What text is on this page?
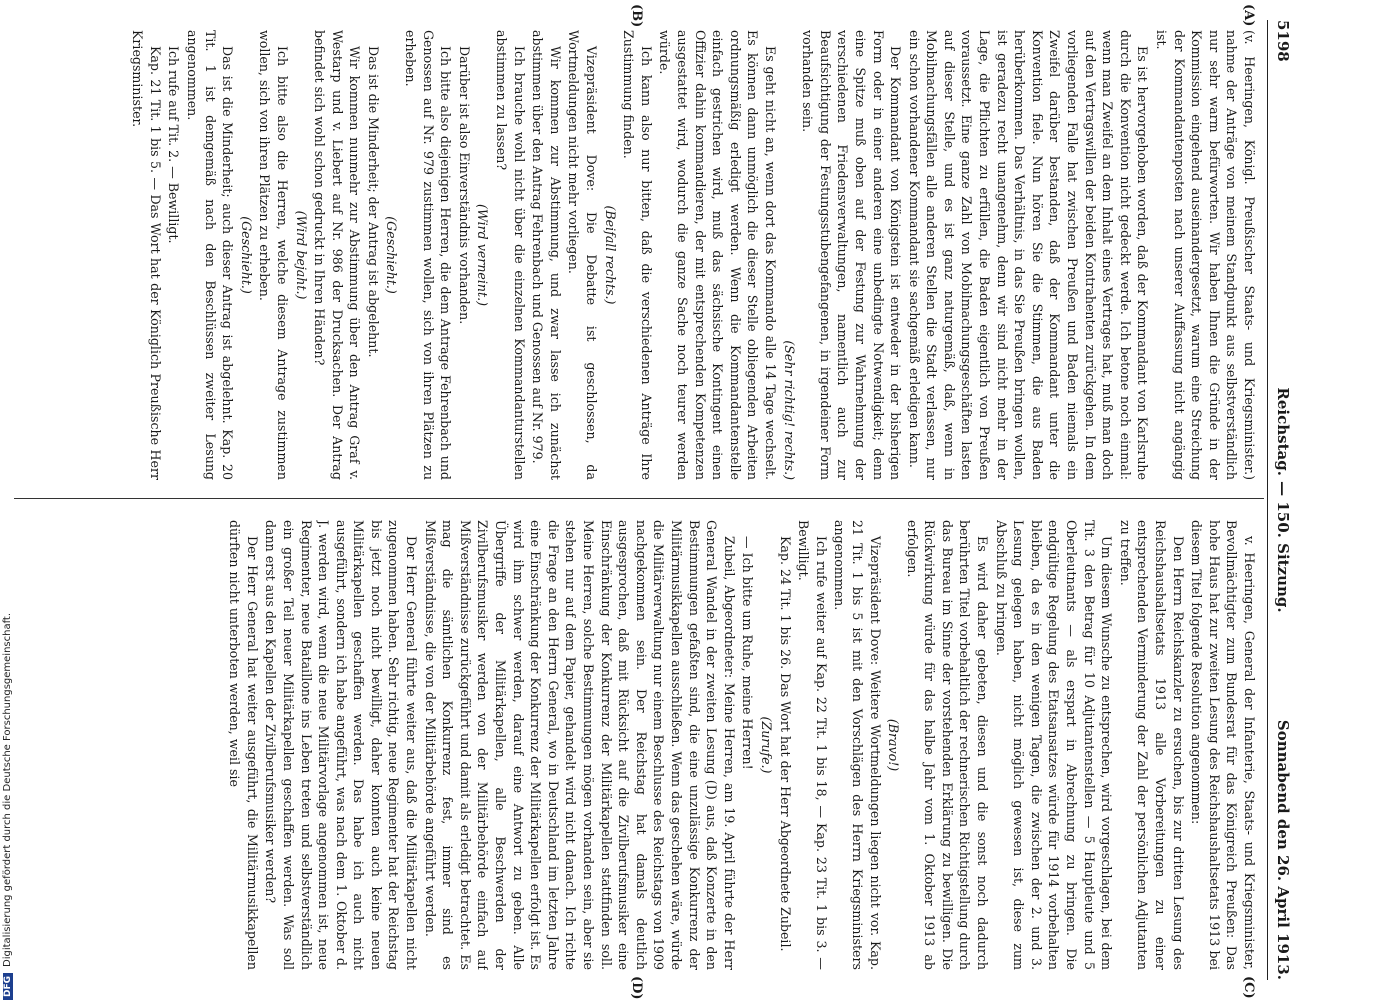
5198
Reichstag. — 150. Sitzung.
Sonnabend den 26. April 1913.
(A)
(B)
(C)
(D)

(v. Heeringen, Königl. Preußischer Staats- und Kriegsminister.) nahme der Anträge von meinem Standpunkt aus selbstverständlich nur sehr warm befürworten. Wir haben Ihnen die Gründe in der Kommission eingehend auseinandergesetzt, warum eine Streichung der Kommandantenposten nach unserer Auffassung nicht angängig ist.

Es ist hervorgehoben worden, daß der Kommandant von Karlsruhe durch die Konvention nicht gedeckt werde. Ich betone noch einmal: wenn man Zweifel an dem Inhalt eines Vertrages hat, muß man doch auf den Vertragswillen der beiden Kontrahenten zurückgehen. In dem vorliegenden Falle hat zwischen Preußen und Baden niemals ein Zweifel darüber bestanden, daß der Kommandant unter die Konvention fiele. Nun hören Sie die Stimmen, die aus Baden herüberkommen. Das Verhältnis, in das Sie Preußen bringen wollen, ist geradezu recht unangenehm, denn wir sind nicht mehr in der Lage, die Pflichten zu erfüllen, die Baden eigentlich von Preußen voraussetzt. Eine ganze Zahl von Mobilmachungsgeschäften lasten auf dieser Stelle, und es ist ganz naturgemäß, daß, wenn in Mobilmachungsfällen alle anderen Stellen die Stadt verlassen, nur ein schon vorhandener Kommandant sie sachgemäß erledigen kann.

Der Kommandant von Königstein ist entweder in der bisherigen Form oder in einer anderen eine unbedingte Notwendigkeit; denn eine Spitze muß oben auf der Festung zur Wahrnehmung der verschiedenen Friedensverwaltungen, namentlich auch zur Beaufsichtigung der Festungsstubengefangenen, in irgendeiner Form vorhanden sein.

(Sehr richtig! rechts.)

Es geht nicht an, wenn dort das Kommando alle 14 Tage wechselt. Es können dann unmöglich die dieser Stelle obliegenden Arbeiten ordnungsmäßig erledigt werden. Wenn die Kommandantenstelle einfach gestrichen wird, muß das sächsische Kontingent einen Offizier dahin kommandieren, der mit entsprechenden Kompetenzen ausgestattet wird, wodurch die ganze Sache noch teurer werden würde.

Ich kann also nur bitten, daß die verschiedenen Anträge Ihre Zustimmung finden.

(Beifall rechts.)

Vizepräsident Dove: Die Debatte ist geschlossen, da Wortmeldungen nicht mehr vorliegen.

Wir kommen zur Abstimmung, und zwar lasse ich zunächst abstimmen über den Antrag Fehrenbach und Genossen auf Nr. 979.

Ich brauche wohl nicht über die einzelnen Kommandanturstellen abstimmen zu lassen?

(Wird verneint.)

Darüber ist also Einverständnis vorhanden.

Ich bitte also diejenigen Herren, die dem Antrage Fehrenbach und Genossen auf Nr. 979 zustimmen wollen, sich von ihren Plätzen zu erheben.

(Geschieht.)

Das ist die Minderheit; der Antrag ist abgelehnt.

Wir kommen nunmehr zur Abstimmung über den Antrag Graf v. Westarp und v. Liebert auf Nr. 986 der Drucksachen. Der Antrag befindet sich wohl schon gedruckt in Ihren Händen?

(Wird bejaht.)

Ich bitte also die Herren, welche diesem Antrage zustimmen wollen, sich von ihren Plätzen zu erheben.

(Geschieht.)

Das ist die Minderheit; auch dieser Antrag ist abgelehnt. Kap. 20 Tit. 1 ist demgemäß nach den Beschlüssen zweiter Lesung angenommen.

Ich rufe auf Tit. 2. — Bewilligt.

Kap. 21 Tit. 1 bis 5. — Das Wort hat der Königlich Preußische Herr Kriegsminister.

v. Heeringen, General der Infanterie, Staats- und Kriegsminister, Bevollmächtigter zum Bundesrat für das Königreich Preußen: Das hohe Haus hat zur zweiten Lesung des Reichshaushaltsetats 1913 bei diesem Titel folgende Resolution angenommen:

Den Herrn Reichskanzler zu ersuchen, bis zur dritten Lesung des Reichshaushaltsetats 1913 alle Vorbereitungen zu einer entsprechenden Verminderung der Zahl der persönlichen Adjutanten zu treffen.

Um diesem Wunsche zu entsprechen, wird vorgeschlagen, bei dem Tit. 3 den Betrag für 10 Adjutantenstellen — 5 Hauptleute und 5 Oberleutnants — als erspart in Abrechnung zu bringen. Die endgültige Regelung des Etatsansatzes würde für 1914 vorbehalten bleiben, da es in den wenigen Tagen, die zwischen der 2. und 3. Lesung gelegen haben, nicht möglich gewesen ist, diese zum Abschluß zu bringen.

Es wird daher gebeten, diesen und die sonst noch dadurch berührten Titel vorbehaltlich der rechnerischen Richtigstellung durch das Bureau im Sinne der vorstehenden Erklärung zu bewilligen. Die Rückwirkung würde für das halbe Jahr vom 1. Oktober 1913 ab erfolgen.

(Bravo!)

Vizepräsident Dove: Weitere Wortmeldungen liegen nicht vor. Kap. 21 Tit. 1 bis 5 ist mit den Vorschlägen des Herrn Kriegsministers angenommen.

Ich rufe weiter auf Kap. 22 Tit. 1 bis 18, — Kap. 23 Tit. 1 bis 3. — Bewilligt.

Kap. 24 Tit. 1 bis 26. Das Wort hat der Herr Abgeordnete Zubeil.

(Zurufe.)

— Ich bitte um Ruhe, meine Herren!

Zubeil, Abgeordneter: Meine Herren, am 19. April führte der Herr General Wandel in der zweiten Lesung (D) aus, daß Konzerte in den Bestimmungen gefaßten sind, die eine unzulässige Konkurrenz der Militärmusikkapellen ausschließen. Wenn das geschehen wäre, würde die Militärverwaltung nur einem Beschlusse des Reichstags von 1909 nachgekommen sein. Der Reichstag hat damals deutlich ausgesprochen, daß mit Rücksicht auf die Zivilberufsmusiker eine Einschränkung der Konkurrenz der Militärkapellen stattfinden soll. Meine Herren, solche Bestimmungen mögen vorhanden sein, aber sie stehen nur auf dem Papier, gehandelt wird nicht danach. Ich richte die Frage an den Herrn General, wo in Deutschland im letzten Jahre eine Einschränkung der Konkurrenz der Militärkapellen erfolgt ist. Es wird ihm schwer werden, darauf eine Antwort zu geben. Alle Übergriffe der Militärkapellen, alle Beschwerden der Zivilberufsmusiker werden von der Militärbehörde einfach auf Mißverständnisse zurückgeführt und damit als erledigt betrachtet. Es mag die sämtlichen Konkurrenz fest, immer sind es Mißverständnisse, die von der Militärbehörde angeführt werden.

Der Herr General führte weiter aus, daß die Militärkapellen nicht zugenommen haben. Sehr richtig, neue Regimenter hat der Reichstag bis jetzt noch nicht bewilligt, daher konnten auch keine neuen Militärkapellen geschaffen werden. Das habe ich auch nicht ausgeführt, sondern ich habe angeführt, was nach dem 1. Oktober d. J. werden wird, wenn die neue Militärvorlage angenommen ist, neue Regimenter, neue Bataillone ins Leben treten und selbstverständlich ein großer Teil neuer Militärkapellen geschaffen werden. Was soll dann erst aus den Kapellen der Zivilberufsmusiker werden?

Der Herr General hat weiter ausgeführt, die Militärmusikkapellen dürften nicht unterboten werden, weil sie

DFGDigitalisierung gefördert durch die Deutsche Forschungsgemeinschaft.
